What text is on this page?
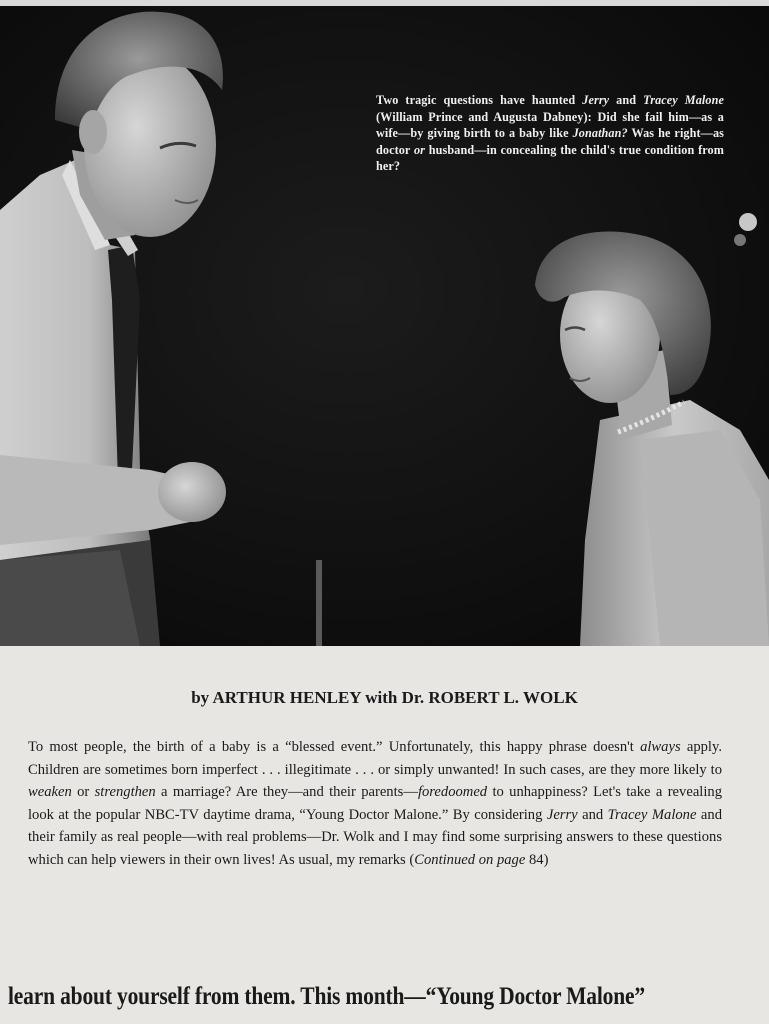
Two tragic questions have haunted Jerry and Tracey Malone (William Prince and Augusta Dabney): Did she fail him—as a wife—by giving birth to a baby like Jonathan? Was he right—as doctor or husband—in concealing the child's true condition from her?
by ARTHUR HENLEY with Dr. ROBERT L. WOLK
To most people, the birth of a baby is a “blessed event.” Unfortunately, this happy phrase doesn't always apply. Children are sometimes born imperfect . . . illegitimate . . . or simply unwanted! In such cases, are they more likely to weaken or strengthen a marriage? Are they—and their parents—foredoomed to unhappiness? Let's take a revealing look at the popular NBC-TV daytime drama, “Young Doctor Malone.” By considering Jerry and Tracey Malone and their family as real people—with real problems—Dr. Wolk and I may find some surprising answers to these questions which can help viewers in their own lives! As usual, my remarks (Continued on page 84)
learn about yourself from them. This month—“Young Doctor Malone”
